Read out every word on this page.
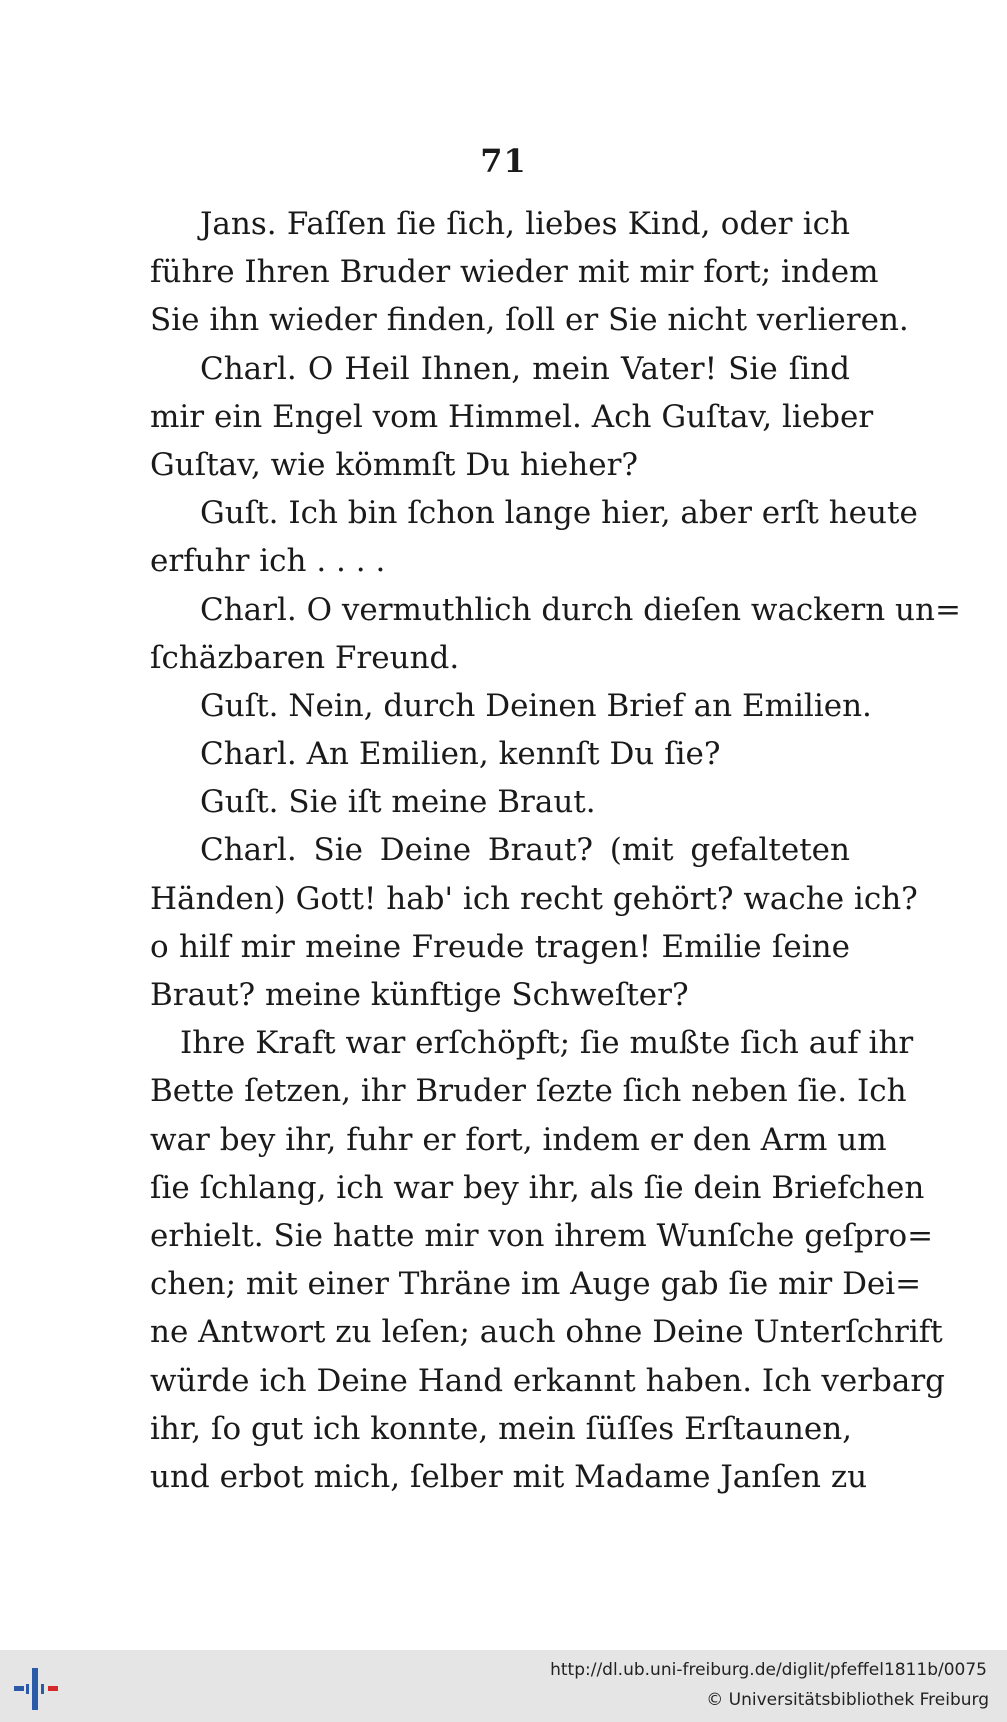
71
Jans. Faſſen ſie ſich, liebes Kind, oder ich
führe Ihren Bruder wieder mit mir fort; indem
Sie ihn wieder finden, ſoll er Sie nicht verlieren.
Charl. O Heil Ihnen, mein Vater! Sie ſind
mir ein Engel vom Himmel. Ach Guſtav, lieber
Guſtav, wie kömmſt Du hieher?
Guſt. Ich bin ſchon lange hier, aber erſt heute
erfuhr ich . . . .
Charl. O vermuthlich durch dieſen wackern un=
ſchäzbaren Freund.
Guſt. Nein, durch Deinen Brief an Emilien.
Charl. An Emilien, kennſt Du ſie?
Guſt. Sie iſt meine Braut.
Charl. Sie Deine Braut? (mit gefalteten
Händen) Gott! hab' ich recht gehört? wache ich?
o hilf mir meine Freude tragen! Emilie ſeine
Braut? meine künftige Schweſter?
Ihre Kraft war erſchöpft; ſie mußte ſich auf ihr
Bette ſetzen, ihr Bruder ſezte ſich neben ſie. Ich
war bey ihr, fuhr er fort, indem er den Arm um
ſie ſchlang, ich war bey ihr, als ſie dein Briefchen
erhielt. Sie hatte mir von ihrem Wunſche geſpro=
chen; mit einer Thräne im Auge gab ſie mir Dei=
ne Antwort zu leſen; auch ohne Deine Unterſchrift
würde ich Deine Hand erkannt haben. Ich verbarg
ihr, ſo gut ich konnte, mein ſüſſes Erſtaunen,
und erbot mich, ſelber mit Madame Janſen zu
http://dl.ub.uni-freiburg.de/diglit/pfeffel1811b/0075
© Universitätsbibliothek Freiburg
